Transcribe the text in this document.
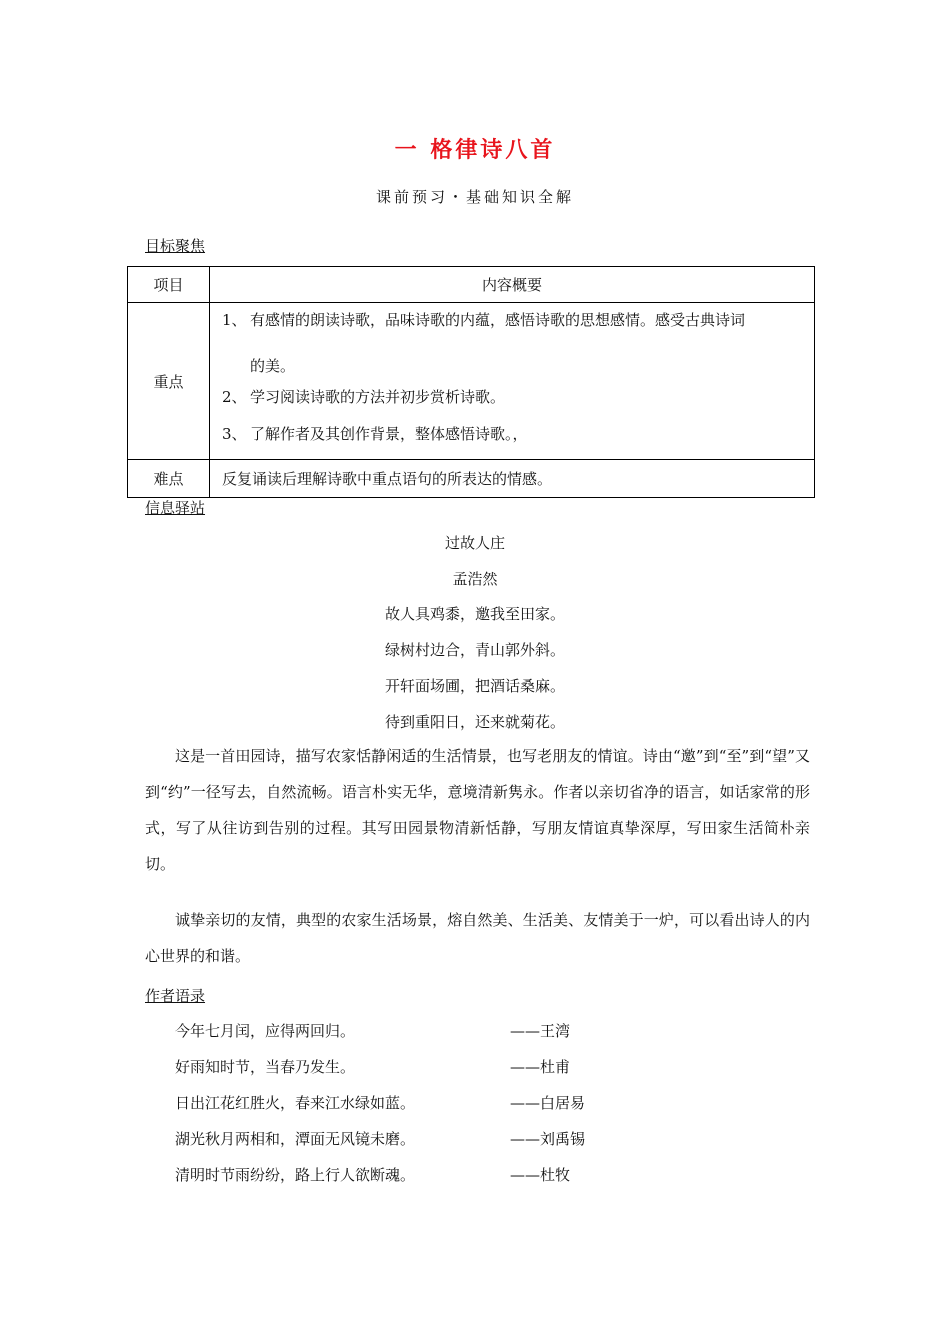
一 格律诗八首
课前预习・基础知识全解
目标聚焦
项目	内容概要
重点	1、 有感情的朗读诗歌，品味诗歌的内蕴，感悟诗歌的思想感情。感受古典诗词
的美。
2、 学习阅读诗歌的方法并初步赏析诗歌。
3、 了解作者及其创作背景，整体感悟诗歌。，

难点	反复诵读后理解诗歌中重点语句的所表达的情感。
信息驿站
过故人庄
孟浩然
故人具鸡黍，邀我至田家。
绿树村边合，青山郭外斜。
开轩面场圃，把酒话桑麻。
待到重阳日，还来就菊花。
这是一首田园诗，描写农家恬静闲适的生活情景，也写老朋友的情谊。诗由“邀”到“至”到“望”又到“约”一径写去，自然流畅。语言朴实无华，意境清新隽永。作者以亲切省净的语言，如话家常的形式，写了从往访到告别的过程。其写田园景物清新恬静，写朋友情谊真挚深厚，写田家生活简朴亲切。
诚挚亲切的友情，典型的农家生活场景，熔自然美、生活美、友情美于一炉，可以看出诗人的内心世界的和谐。
作者语录
今年七月闰，应得两回归。	——王湾
好雨知时节，当春乃发生。	——杜甫
日出江花红胜火，春来江水绿如蓝。	——白居易
湖光秋月两相和，潭面无风镜未磨。	——刘禹锡
清明时节雨纷纷，路上行人欲断魂。	——杜牧
